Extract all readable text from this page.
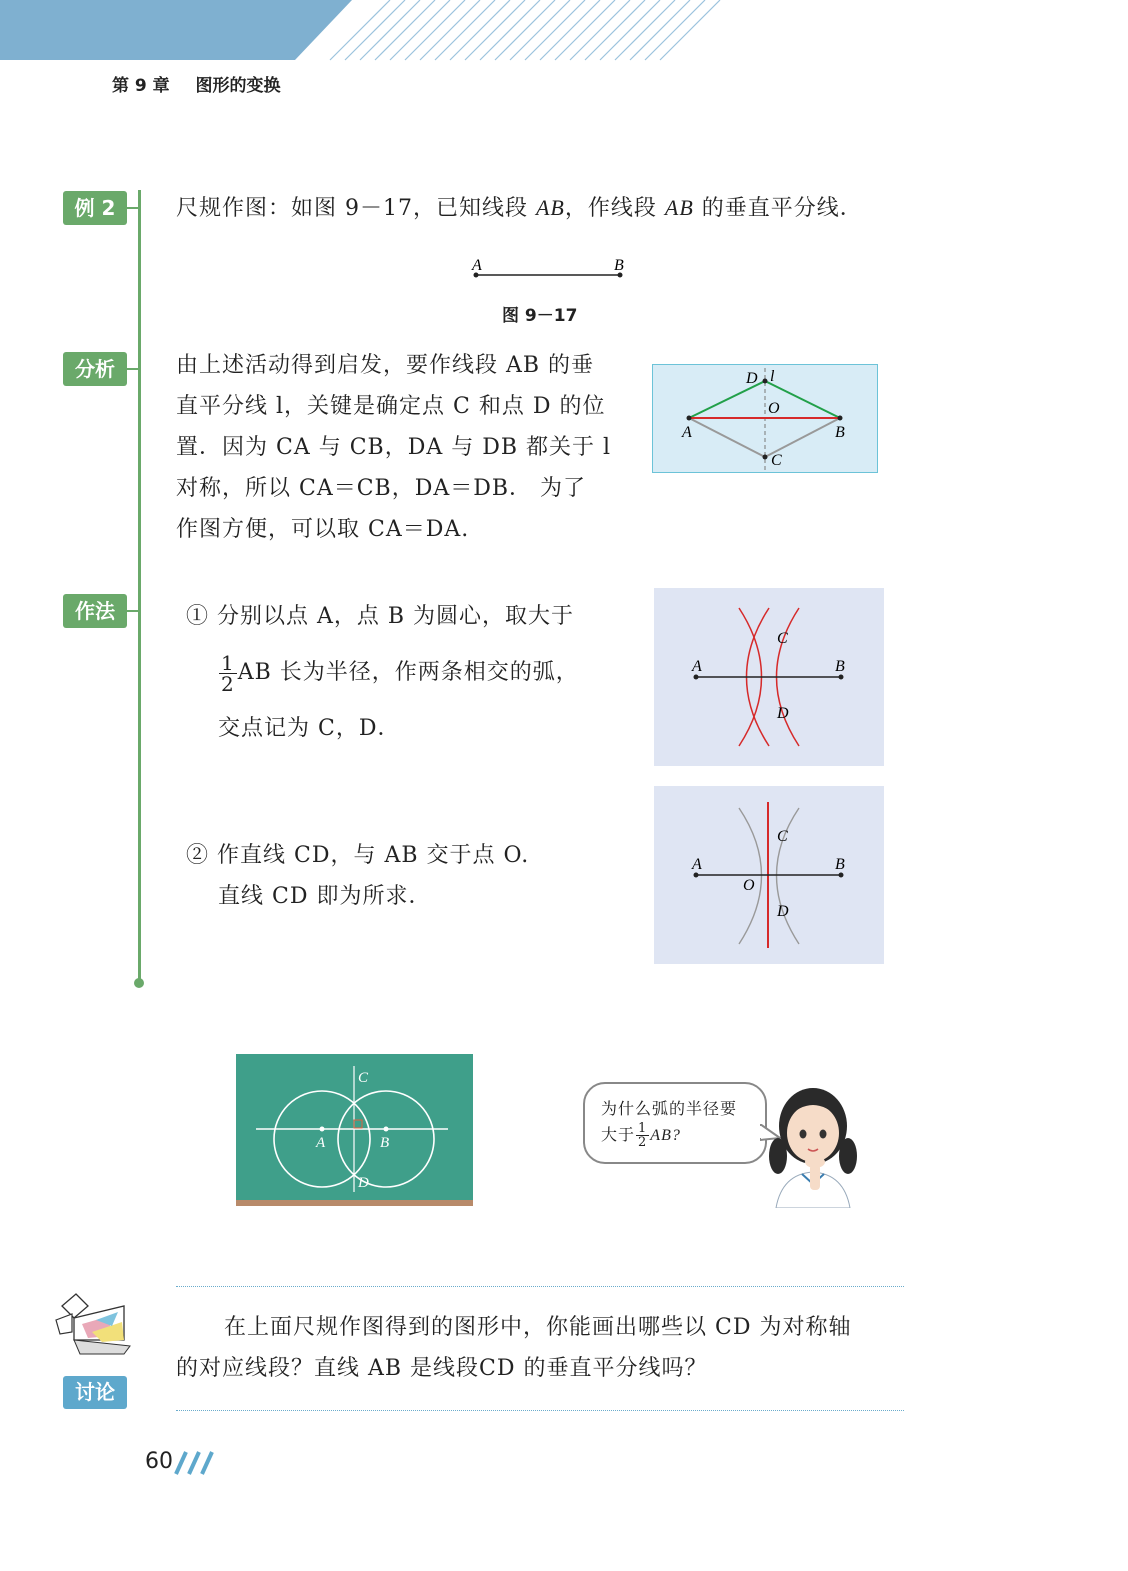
第 9 章 图形的变换
例 2	尺规作图：如图 9－17，已知线段 AB，作线段 AB 的垂直平分线．
A	B
图 9－17
分析	由上述活动得到启发，要作线段 AB 的垂
直平分线 l，关键是确定点 C 和点 D 的位
置．因为 CA 与 CB，DA 与 DB 都关于 l
对称，所以 CA＝CB，DA＝DB． 为了
作图方便，可以取 CA＝DA.
D l
O
A	B
C
作法	① 分别以点 A，点 B 为圆心，取大于
$\frac{1}{2}$ AB 长为半径，作两条相交的弧，
交点记为 C，D．
A	B
C
D
② 作直线 CD，与 AB 交于点 O.
直线 CD 即为所求．
A	B
C
O
D
A	B
C
D
为什么弧的半径要
大于 $\frac{1}{2}$ AB?
讨论
在上面尺规作图得到的图形中，你能画出哪些以 CD 为对称轴
的对应线段？直线 AB 是线段CD 的垂直平分线吗？
60
